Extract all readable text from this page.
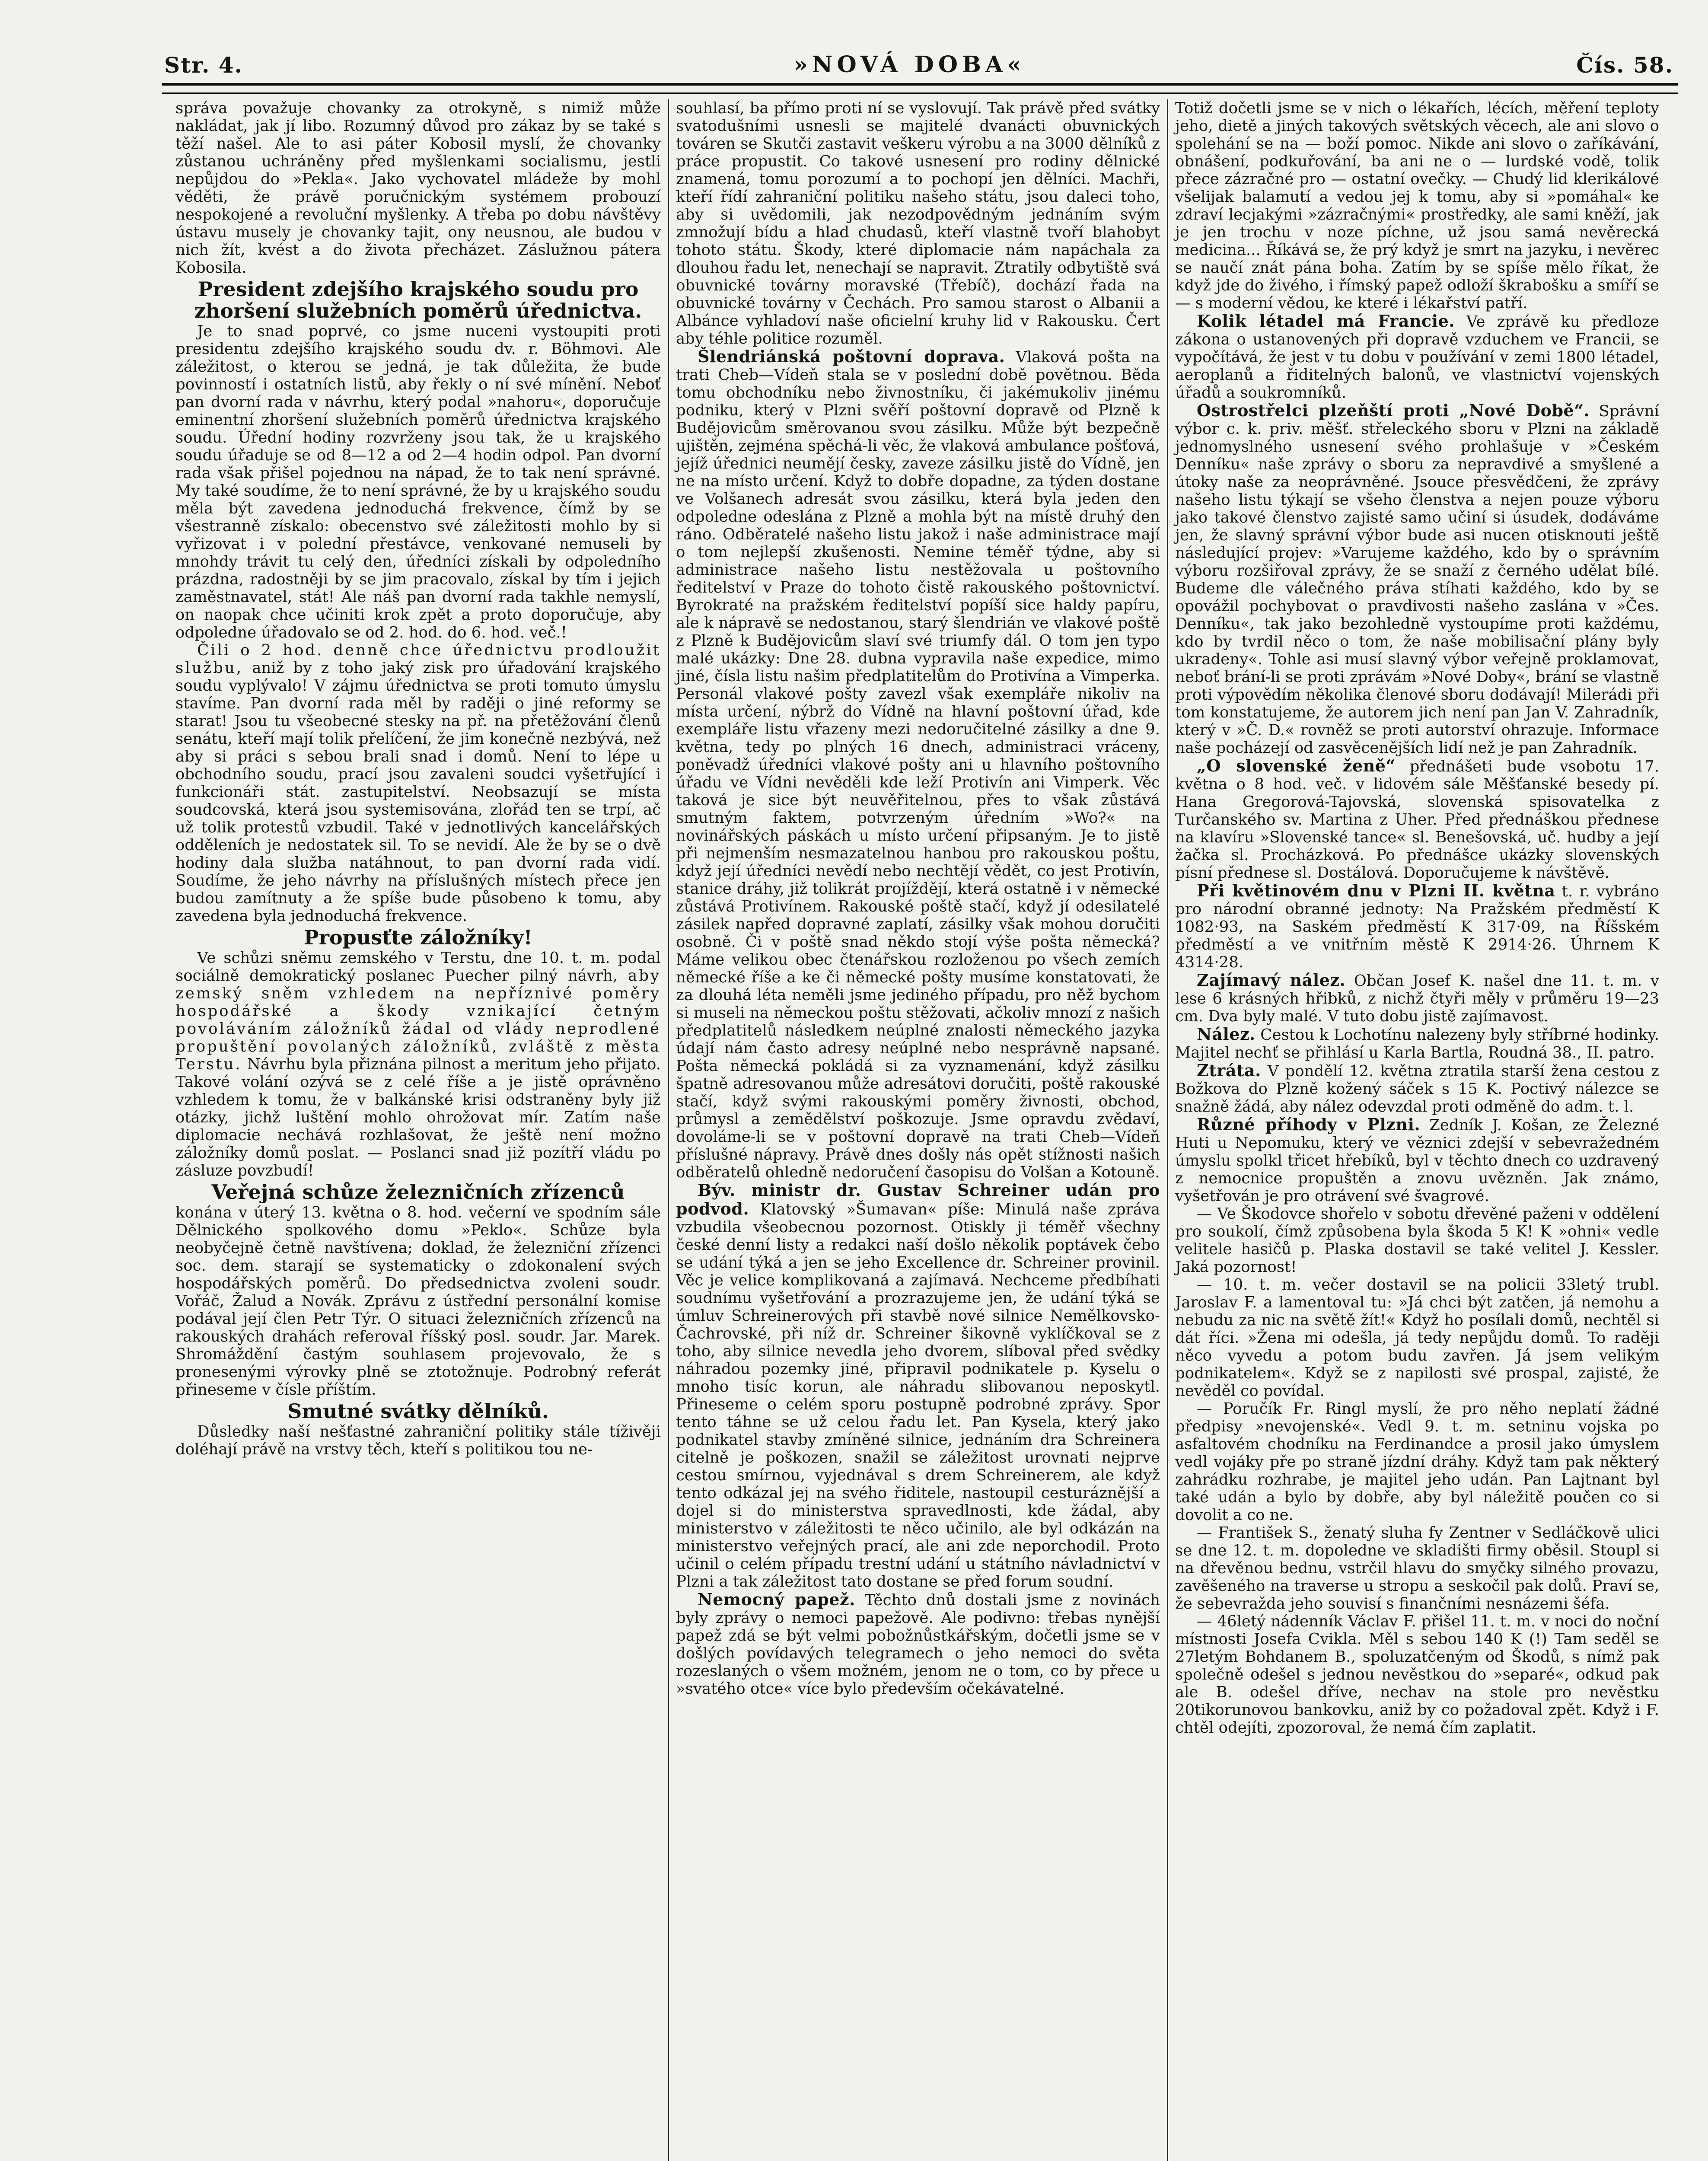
Str. 4.	»NOVÁ DOBA«	Čís. 58.

správa považuje chovanky za otrokyně, s nimiž může nakládat, jak jí libo. Rozumný důvod pro zákaz by se také s těží našel. Ale to asi páter Kobosil myslí, že chovanky zůstanou uchráněny před myšlenkami socialismu, jestli nepůjdou do »Pekla«. Jako vychovatel mládeže by mohl věděti, že právě poručnickým systémem probouzí nespokojené a revoluční myšlenky. A třeba po dobu návštěvy ústavu musely je chovanky tajit, ony neusnou, ale budou v nich žít, kvést a do života přecházet. Záslužnou pátera Kobosila.

President zdejšího krajského soudu pro zhoršení služebních poměrů úřednictva.

Je to snad poprvé, co jsme nuceni vystoupiti proti presidentu zdejšího krajského soudu dv. r. Böhmovi. Ale záležitost, o kterou se jedná, je tak důležita, že bude povinností i ostatních listů, aby řekly o ní své mínění. Neboť pan dvorní rada v návrhu, který podal »nahoru«, doporučuje eminentní zhoršení služebních poměrů úřednictva krajského soudu. Úřední hodiny rozvrženy jsou tak, že u krajského soudu úřaduje se od 8—12 a od 2—4 hodin odpol. Pan dvorní rada však přišel pojednou na nápad, že to tak není správné. My také soudíme, že to není správné, že by u krajského soudu měla být zavedena jednoduchá frekvence, čímž by se všestranně získalo: obecenstvo své záležitosti mohlo by si vyřizovat i v polední přestávce, venkované nemuseli by mnohdy trávit tu celý den, úředníci získali by odpoledního prázdna, radostněji by se jim pracovalo, získal by tím i jejich zaměstnavatel, stát! Ale náš pan dvorní rada takhle nemyslí, on naopak chce učiniti krok zpět a proto doporučuje, aby odpoledne úřadovalo se od 2. hod. do 6. hod. več.!

Čili o 2 hod. denně chce úřednictvu prodloužit službu, aniž by z toho jaký zisk pro úřadování krajského soudu vyplývalo! V zájmu úřednictva se proti tomuto úmyslu stavíme. Pan dvorní rada měl by raději o jiné reformy se starat! Jsou tu všeobecné stesky na př. na přetěžování členů senátu, kteří mají tolik přelíčení, že jim konečně nezbývá, než aby si práci s sebou brali snad i domů. Není to lépe u obchodního soudu, prací jsou zavaleni soudci vyšetřující i funkcionáři stát. zastupitelství. Neobsazují se místa soudcovská, která jsou systemisována, zlořád ten se trpí, ač už tolik protestů vzbudil. Také v jednotlivých kancelářských odděleních je nedostatek sil. To se nevidí. Ale že by se o dvě hodiny dala služba natáhnout, to pan dvorní rada vidí. Soudíme, že jeho návrhy na příslušných místech přece jen budou zamítnuty a že spíše bude působeno k tomu, aby zavedena byla jednoduchá frekvence.

Propusťte záložníky!

Ve schůzi sněmu zemského v Terstu, dne 10. t. m. podal sociálně demokratický poslanec Puecher pilný návrh, aby zemský sněm vzhledem na nepříznivé poměry hospodářské a škody vznikající četným povoláváním záložníků žádal od vlády neprodlené propuštění povolaných záložníků, zvláště z města Terstu. Návrhu byla přiznána pilnost a meritum jeho přijato. Takové volání ozývá se z celé říše a je jistě oprávněno vzhledem k tomu, že v balkánské krisi odstraněny byly již otázky, jichž luštění mohlo ohrožovat mír. Zatím naše diplomacie nechává rozhlašovat, že ještě není možno záložníky domů poslat. — Poslanci snad již pozítří vládu po zásluze povzbudí!

Veřejná schůze železničních zřízenců

konána v úterý 13. května o 8. hod. večerní ve spodním sále Dělnického spolkového domu »Peklo«. Schůze byla neobyčejně četně navštívena; doklad, že železniční zřízenci soc. dem. starají se systematicky o zdokonalení svých hospodářských poměrů. Do předsednictva zvoleni soudr. Vořáč, Žalud a Novák. Zprávu z ústřední personální komise podával její člen Petr Týr. O situaci železničních zřízenců na rakouských drahách referoval říšský posl. soudr. Jar. Marek. Shromáždění častým souhlasem projevovalo, že s pronesenými výrovky plně se ztotožnuje. Podrobný referát přineseme v čísle příštím.

Smutné svátky dělníků.

Důsledky naší nešťastné zahraniční politiky stále tíživěji doléhají právě na vrstvy těch, kteří s politikou tou ne-

souhlasí, ba přímo proti ní se vyslovují. Tak právě před svátky svatodušními usnesli se majitelé dvanácti obuvnických továren se Skutči zastavit veškeru výrobu a na 3000 dělníků z práce propustit. Co takové usnesení pro rodiny dělnické znamená, tomu porozumí a to pochopí jen dělníci. Machři, kteří řídí zahraniční politiku našeho státu, jsou daleci toho, aby si uvědomili, jak nezodpovědným jednáním svým zmnožují bídu a hlad chudasů, kteří vlastně tvoří blahobyt tohoto státu. Škody, které diplomacie nám napáchala za dlouhou řadu let, nenechají se napravit. Ztratily odbytiště svá obuvnické továrny moravské (Třebíč), dochází řada na obuvnické továrny v Čechách. Pro samou starost o Albanii a Albánce vyhladoví naše oficielní kruhy lid v Rakousku. Čert aby téhle politice rozuměl.

Šlendriánská poštovní doprava. Vlaková pošta na trati Cheb—Vídeň stala se v poslední době povětnou. Běda tomu obchodníku nebo živnostníku, či jakémukoliv jinému podniku, který v Plzni svěří poštovní dopravě od Plzně k Budějovicům směrovanou svou zásilku. Může být bezpečně ujištěn, zejména spěchá-li věc, že vlaková ambulance pošťová, jejíž úřednici neumějí česky, zaveze zásilku jistě do Vídně, jen ne na místo určení. Když to dobře dopadne, za týden dostane ve Volšanech adresát svou zásilku, která byla jeden den odpoledne odeslána z Plzně a mohla být na místě druhý den ráno. Odběratelé našeho listu jakož i naše administrace mají o tom nejlepší zkušenosti. Nemine téměř týdne, aby si administrace našeho listu nestěžovala u poštovního ředitelství v Praze do tohoto čistě rakouského poštovnictví. Byrokraté na pražském ředitelství popíší sice haldy papíru, ale k nápravě se nedostanou, starý šlendrián ve vlakové poště z Plzně k Budějovicům slaví své triumfy dál. O tom jen typo malé ukázky: Dne 28. dubna vypravila naše expedice, mimo jiné, čísla listu našim předplatitelům do Protivína a Vimperka. Personál vlakové pošty zavezl však exempláře nikoliv na místa určení, nýbrž do Vídně na hlavní poštovní úřad, kde exempláře listu vřazeny mezi nedoručitelné zásilky a dne 9. května, tedy po plných 16 dnech, administraci vráceny, poněvadž úředníci vlakové pošty ani u hlavního poštovního úřadu ve Vídni nevěděli kde leží Protivín ani Vimperk. Věc taková je sice být neuvěřitelnou, přes to však zůstává smutným faktem, potvrzeným úředním »Wo?« na novinářských páskách u místo určení připsaným. Je to jistě při nejmenším nesmazatelnou hanbou pro rakouskou poštu, když její úředníci nevědí nebo nechtějí vědět, co jest Protivín, stanice dráhy, již tolikrát projíždějí, která ostatně i v německé zůstává Protivínem. Rakouské poště stačí, když jí odesilatelé zásilek napřed dopravné zaplatí, zásilky však mohou doručiti osobně. Či v poště snad někdo stojí výše pošta německá? Máme velikou obec čtenářskou rozloženou po všech zemích německé říše a ke či německé pošty musíme konstatovati, že za dlouhá léta neměli jsme jediného případu, pro něž bychom si museli na německou poštu stěžovati, ačkoliv mnozí z našich předplatitelů následkem neúplné znalosti německého jazyka údají nám často adresy neúplné nebo nesprávně napsané. Pošta německá pokládá si za vyznamenání, když zásilku špatně adresovanou může adresátovi doručiti, poště rakouské stačí, když svými rakouskými poměry živnosti, obchod, průmysl a zemědělství poškozuje. Jsme opravdu zvědaví, dovoláme-li se v poštovní dopravě na trati Cheb—Vídeň příslušné nápravy. Právě dnes došly nás opět stížnosti našich odběratelů ohledně nedoručení časopisu do Volšan a Kotouně.

Býv. ministr dr. Gustav Schreiner udán pro podvod. Klatovský »Šumavan« píše: Minulá naše zpráva vzbudila všeobecnou pozornost. Otiskly ji téměř všechny české denní listy a redakci naší došlo několik poptávek čebo se udání týká a jen se jeho Excellence dr. Schreiner provinil. Věc je velice komplikovaná a zajímavá. Nechceme předbíhati soudnímu vyšetřování a prozrazujeme jen, že udání týká se úmluv Schreinerových při stavbě nové silnice Nemělkovsko-Čachrovské, při níž dr. Schreiner šikovně vyklíčkoval se z toho, aby silnice nevedla jeho dvorem, slíboval před svědky náhradou pozemky jiné, připravil podnikatele p. Kyselu o mnoho tisíc korun, ale náhradu slibovanou neposkytl. Přineseme o celém sporu postupně podrobné zprávy. Spor tento táhne se už celou řadu let. Pan Kysela, který jako podnikatel stavby zmíněné silnice, jednáním dra Schreinera citelně je poškozen, snažil se záležitost urovnati nejprve cestou smírnou, vyjednával s drem Schreinerem, ale když tento odkázal jej na svého řiditele, nastoupil cesturáznější a dojel si do ministerstva spravedlnosti, kde žádal, aby ministerstvo v záležitosti te něco učinilo, ale byl odkázán na ministerstvo veřejných prací, ale ani zde neporchodil. Proto učinil o celém případu trestní udání u státního návladnictví v Plzni a tak záležitost tato dostane se před forum soudní.

Nemocný papež. Těchto dnů dostali jsme z novinách byly zprávy o nemoci papežově. Ale podivno: třebas nynější papež zdá se být velmi pobožnůstkářským, dočetli jsme se v došlých povídavých telegramech o jeho nemoci do světa rozeslaných o všem možném, jenom ne o tom, co by přece u »svatého otce« více bylo především očekávatelné.

Totiž dočetli jsme se v nich o lékařích, lécích, měření teploty jeho, dietě a jiných takových světských věcech, ale ani slovo o spolehání se na — boží pomoc. Nikde ani slovo o zaříkávání, obnášení, podkuřování, ba ani ne o — lurdské vodě, tolik přece zázračné pro — ostatní ovečky. — Chudý lid klerikálové všelijak balamutí a vedou jej k tomu, aby si »pomáhal« ke zdraví lecjakými »zázračnými« prostředky, ale sami kněží, jak je jen trochu v noze píchne, už jsou samá nevěrecká medicina... Říkává se, že prý když je smrt na jazyku, i nevěrec se naučí znát pána boha. Zatím by se spíše mělo říkat, že když jde do živého, i římský papež odloží škrabošku a smíří se — s moderní vědou, ke které i lékařství patří.

Kolik létadel má Francie. Ve zprávě ku předloze zákona o ustanovených při dopravě vzduchem ve Francii, se vypočítává, že jest v tu dobu v používání v zemi 1800 létadel, aeroplanů a řiditelných balonů, ve vlastnictví vojenských úřadů a soukromníků.

Ostrostřelci plzeňští proti „Nové Době“. Správní výbor c. k. priv. měšť. střeleckého sboru v Plzni na základě jednomyslného usnesení svého prohlašuje v »Českém Denníku« naše zprávy o sboru za nepravdivé a smyšlené a útoky naše za neoprávněné. Jsouce přesvědčeni, že zprávy našeho listu týkají se všeho členstva a nejen pouze výboru jako takové členstvo zajisté samo učiní si úsudek, dodáváme jen, že slavný správní výbor bude asi nucen otisknouti ještě následující projev: »Varujeme každého, kdo by o správním výboru rozšiřoval zprávy, že se snaží z černého udělat bílé. Budeme dle válečného práva stíhati každého, kdo by se opovážil pochybovat o pravdivosti našeho zaslána v »Čes. Denníku«, tak jako bezohledně vystoupíme proti každému, kdo by tvrdil něco o tom, že naše mobilisační plány byly ukradeny«. Tohle asi musí slavný výbor veřejně proklamovat, neboť brání-li se proti zprávám »Nové Doby«, brání se vlastně proti výpovědím několika členové sboru dodávají! Milerádi při tom konstatujeme, že autorem jich není pan Jan V. Zahradník, který v »Č. D.« rovněž se proti autorství ohrazuje. Informace naše pocházejí od zasvěcenějších lidí než je pan Zahradník.

„O slovenské ženě“ přednášeti bude vsobotu 17. května o 8 hod. več. v lidovém sále Měšťanské besedy pí. Hana Gregorová-Tajovská, slovenská spisovatelka z Turčanského sv. Martina z Uher. Před přednáškou přednese na klavíru »Slovenské tance« sl. Benešovská, uč. hudby a její žačka sl. Procházková. Po přednášce ukázky slovenských písní přednese sl. Dostálová. Doporučujeme k návštěvě.

Při květinovém dnu v Plzni II. května t. r. vybráno pro národní obranné jednoty: Na Pražském předměstí K 1082·93, na Saském předměstí K 317·09, na Říšském předměstí a ve vnitřním městě K 2914·26. Úhrnem K 4314·28.

Zajímavý nález. Občan Josef K. našel dne 11. t. m. v lese 6 krásných hřibků, z nichž čtyři měly v průměru 19—23 cm. Dva byly malé. V tuto dobu jistě zajímavost.

Nález. Cestou k Lochotínu nalezeny byly stříbrné hodinky. Majitel nechť se přihlásí u Karla Bartla, Roudná 38., II. patro.

Ztráta. V pondělí 12. května ztratila starší žena cestou z Božkova do Plzně kožený sáček s 15 K. Poctivý nálezce se snažně žádá, aby nález odevzdal proti odměně do adm. t. l.

Různé příhody v Plzni. Zedník J. Košan, ze Železné Huti u Nepomuku, který ve věznici zdejší v sebevražedném úmyslu spolkl třicet hřebíků, byl v těchto dnech co uzdravený z nemocnice propuštěn a znovu uvězněn. Jak známo, vyšetřován je pro otrávení své švagrové.

— Ve Škodovce shořelo v sobotu dřevěné paženi v oddělení pro soukolí, čímž způsobena byla škoda 5 K! K »ohni« vedle velitele hasičů p. Plaska dostavil se také velitel J. Kessler. Jaká pozornost!

— 10. t. m. večer dostavil se na policii 33letý trubl. Jaroslav F. a lamentoval tu: »Já chci být zatčen, já nemohu a nebudu za nic na světě žít!« Když ho posílali domů, nechtěl si dát říci. »Žena mi odešla, já tedy nepůjdu domů. To raději něco vyvedu a potom budu zavřen. Já jsem velikým podnikatelem«. Když se z napilosti své prospal, zajisté, že nevěděl co povídal.

— Poručík Fr. Ringl myslí, že pro něho neplatí žádné předpisy »nevojenské«. Vedl 9. t. m. setninu vojska po asfaltovém chodníku na Ferdinandce a prosil jako úmyslem vedl vojáky pře po straně jízdní dráhy. Když tam pak některý zahrádku rozhrabe, je majitel jeho udán. Pan Lajtnant byl také udán a bylo by dobře, aby byl náležitě poučen co si dovolit a co ne.

— František S., ženatý sluha fy Zentner v Sedláčkově ulici se dne 12. t. m. dopoledne ve skladišti firmy oběsil. Stoupl si na dřevěnou bednu, vstrčil hlavu do smyčky silného provazu, zavěšeného na traverse u stropu a seskočil pak dolů. Praví se, že sebevražda jeho souvisí s finančními nesnázemi šéfa.

— 46letý nádenník Václav F. přišel 11. t. m. v noci do noční místnosti Josefa Cvikla. Měl s sebou 140 K (!) Tam seděl se 27letým Bohdanem B., spoluzatčeným od Škodů, s nímž pak společně odešel s jednou nevěstkou do »separé«, odkud pak ale B. odešel dříve, nechav na stole pro nevěstku 20tikorunovou bankovku, aniž by co požadoval zpět. Když i F. chtěl odejíti, zpozoroval, že nemá čím zaplatit.
